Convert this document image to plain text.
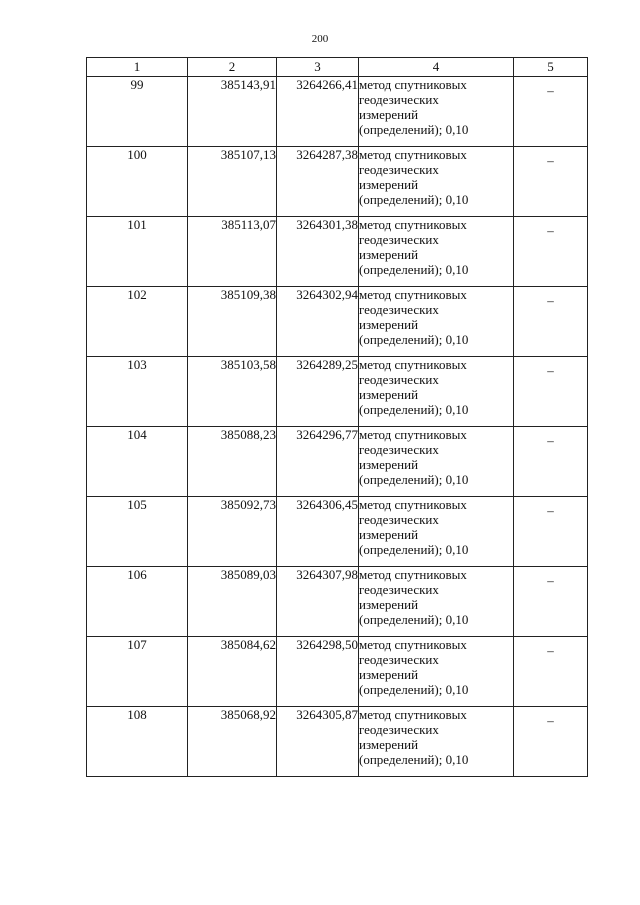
200
1	2	3	4	5
99	385143,91	3264266,41	метод спутниковых
геодезических
измерений
(определений); 0,10	–
100	385107,13	3264287,38	метод спутниковых
геодезических
измерений
(определений); 0,10	–
101	385113,07	3264301,38	метод спутниковых
геодезических
измерений
(определений); 0,10	–
102	385109,38	3264302,94	метод спутниковых
геодезических
измерений
(определений); 0,10	–
103	385103,58	3264289,25	метод спутниковых
геодезических
измерений
(определений); 0,10	–
104	385088,23	3264296,77	метод спутниковых
геодезических
измерений
(определений); 0,10	–
105	385092,73	3264306,45	метод спутниковых
геодезических
измерений
(определений); 0,10	–
106	385089,03	3264307,98	метод спутниковых
геодезических
измерений
(определений); 0,10	–
107	385084,62	3264298,50	метод спутниковых
геодезических
измерений
(определений); 0,10	–
108	385068,92	3264305,87	метод спутниковых
геодезических
измерений
(определений); 0,10	–
